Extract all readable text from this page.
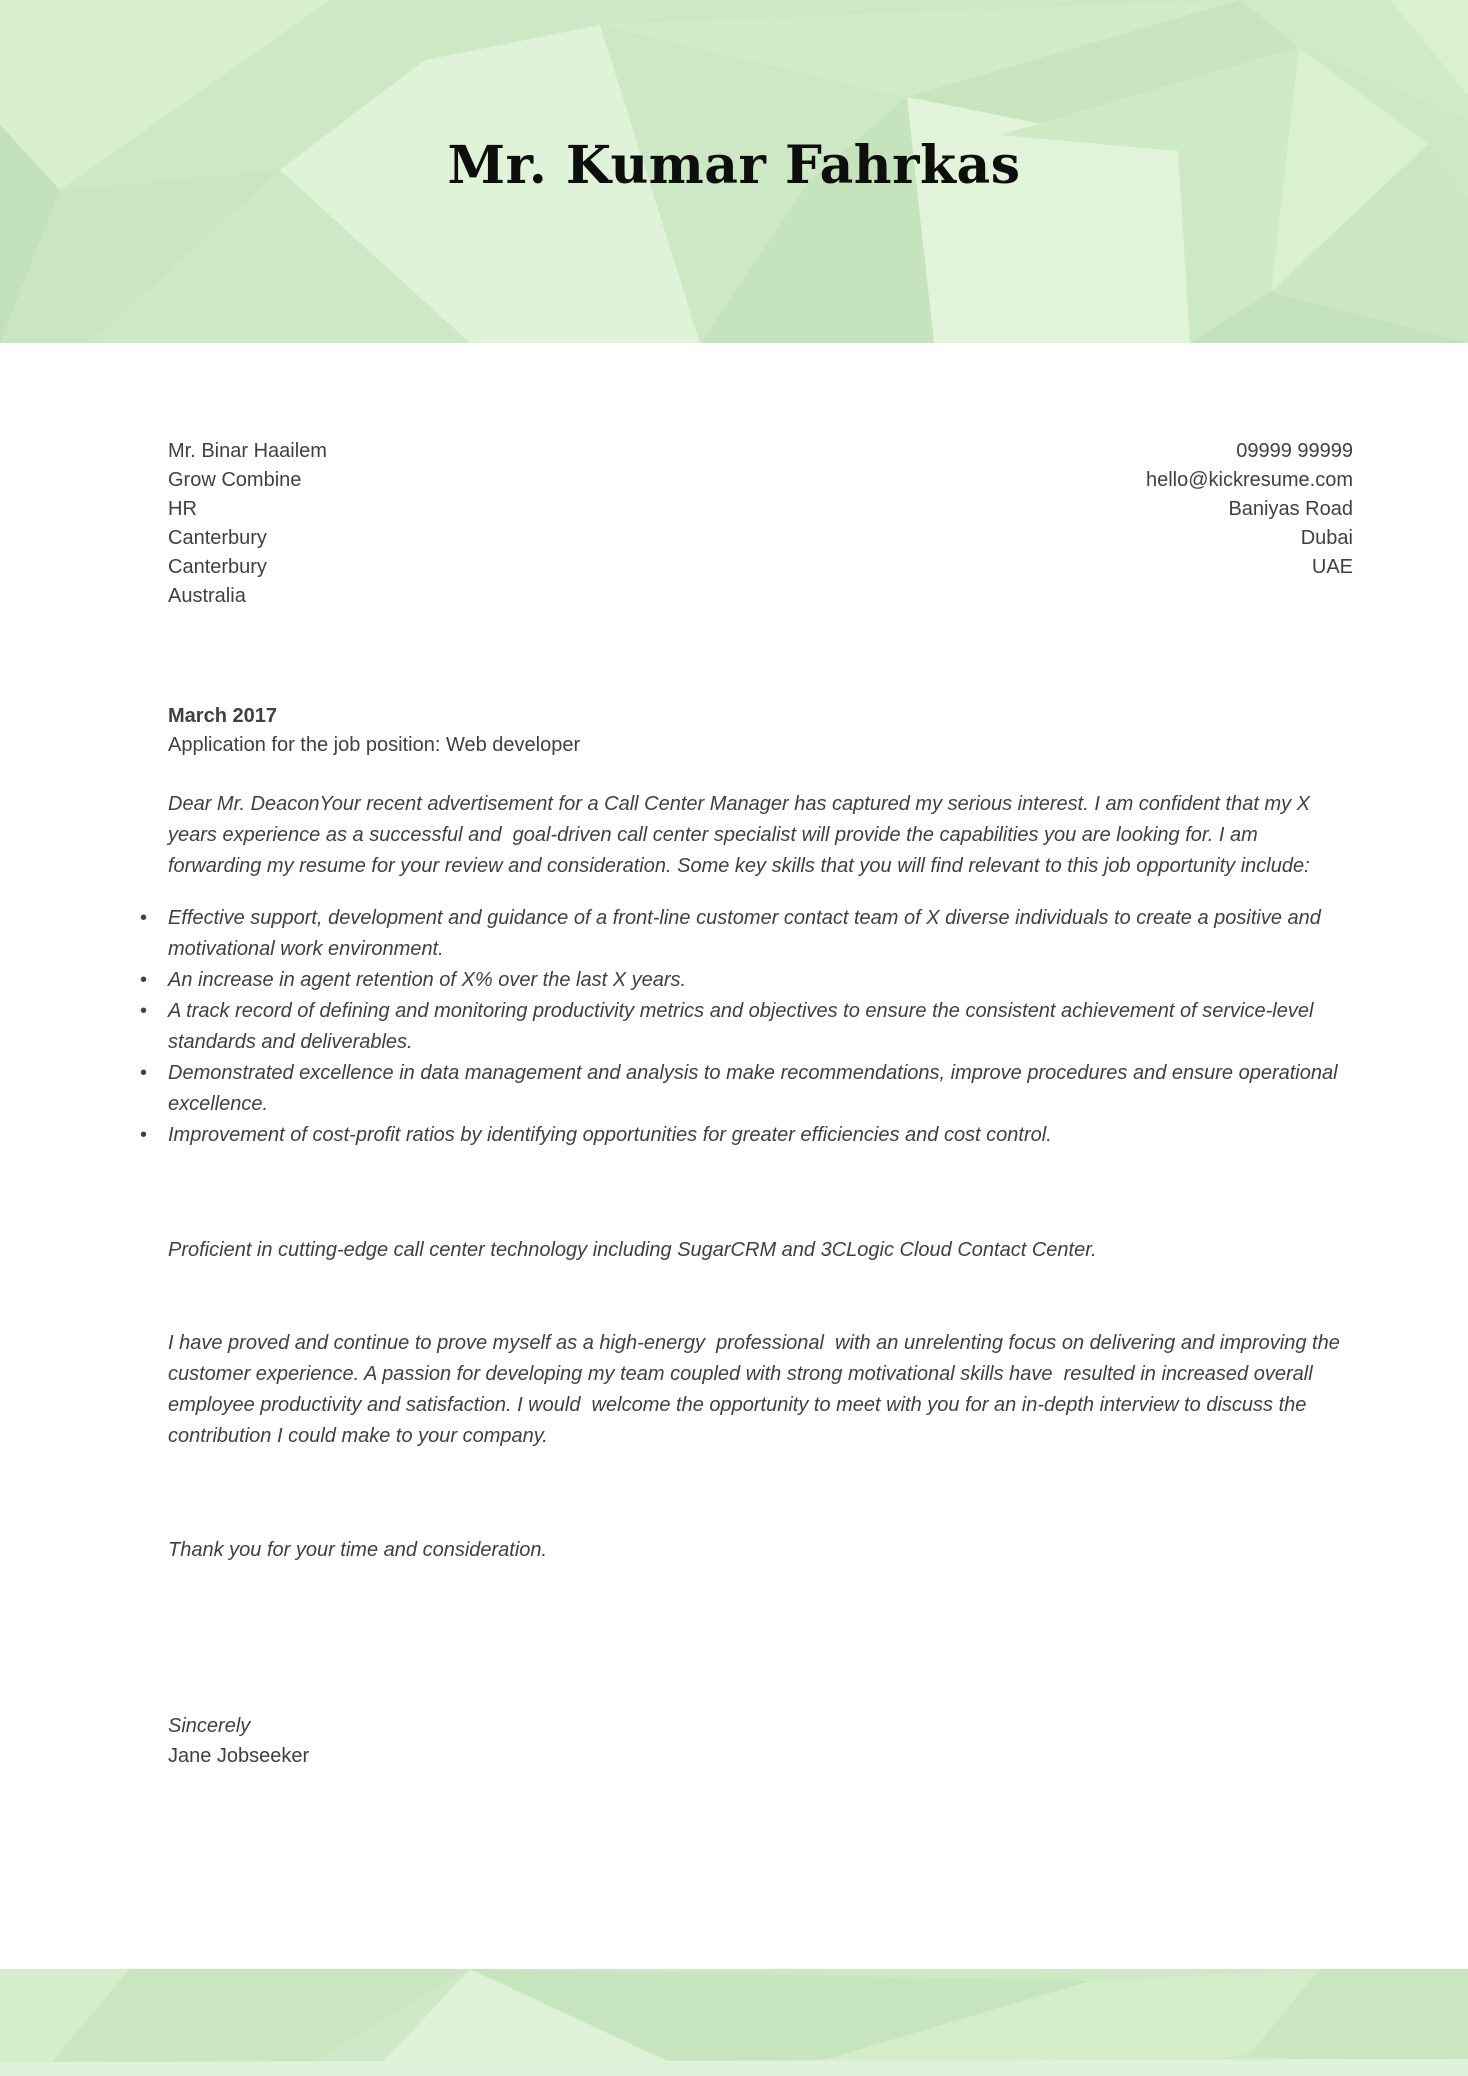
Mr. Kumar Fahrkas
Mr. Binar Haailem
Grow Combine
HR
Canterbury
Canterbury
Australia
09999 99999
hello@kickresume.com
Baniyas Road
Dubai
UAE
March 2017
Application for the job position: Web developer

Dear Mr. DeaconYour recent advertisement for a Call Center Manager has captured my serious interest. I am confident that my X years experience as a successful and  goal-driven call center specialist will provide the capabilities you are looking for. I am forwarding my resume for your review and consideration. Some key skills that you will find relevant to this job opportunity include:

• Effective support, development and guidance of a front-line customer contact team of X diverse individuals to create a positive and motivational work environment.
• An increase in agent retention of X% over the last X years.
• A track record of defining and monitoring productivity metrics and objectives to ensure the consistent achievement of service-level standards and deliverables.
• Demonstrated excellence in data management and analysis to make recommendations, improve procedures and ensure operational excellence.
• Improvement of cost-profit ratios by identifying opportunities for greater efficiencies and cost control.

Proficient in cutting-edge call center technology including SugarCRM and 3CLogic Cloud Contact Center.

I have proved and continue to prove myself as a high-energy  professional  with an unrelenting focus on delivering and improving the customer experience. A passion for developing my team coupled with strong motivational skills have  resulted in increased overall employee productivity and satisfaction. I would  welcome the opportunity to meet with you for an in-depth interview to discuss the contribution I could make to your company.

Thank you for your time and consideration.

Sincerely
Jane Jobseeker
